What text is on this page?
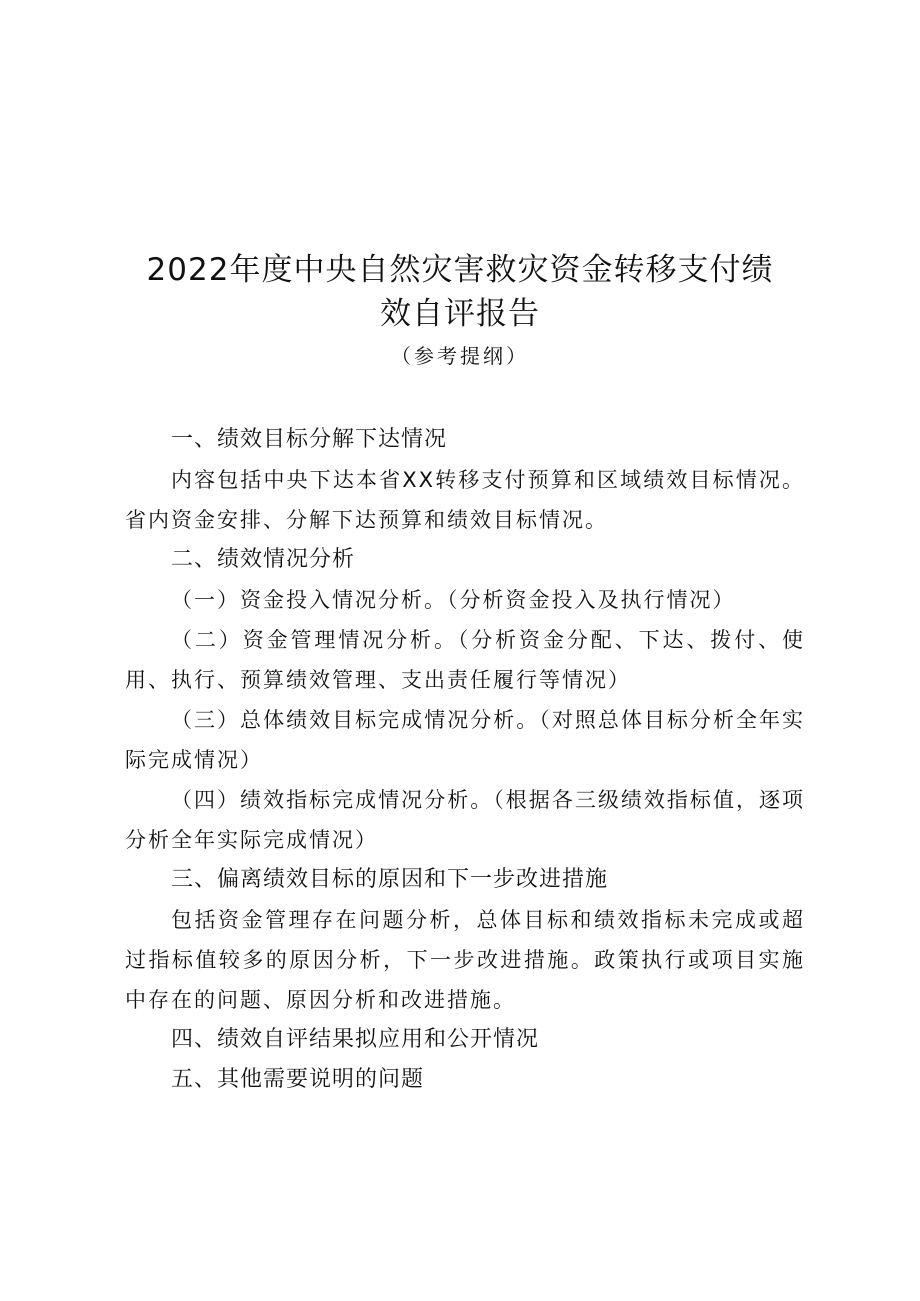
2022年度中央自然灾害救灾资金转移支付绩
效自评报告
（参考提纲）
一、绩效目标分解下达情况
内容包括中央下达本省XX转移支付预算和区域绩效目标情况。省内资金安排、分解下达预算和绩效目标情况。
二、绩效情况分析
（一）资金投入情况分析。（分析资金投入及执行情况）
（二）资金管理情况分析。（分析资金分配、下达、拨付、使用、执行、预算绩效管理、支出责任履行等情况）
（三）总体绩效目标完成情况分析。（对照总体目标分析全年实际完成情况）
（四）绩效指标完成情况分析。（根据各三级绩效指标值，逐项分析全年实际完成情况）
三、偏离绩效目标的原因和下一步改进措施
包括资金管理存在问题分析，总体目标和绩效指标未完成或超过指标值较多的原因分析，下一步改进措施。政策执行或项目实施中存在的问题、原因分析和改进措施。
四、绩效自评结果拟应用和公开情况
五、其他需要说明的问题
